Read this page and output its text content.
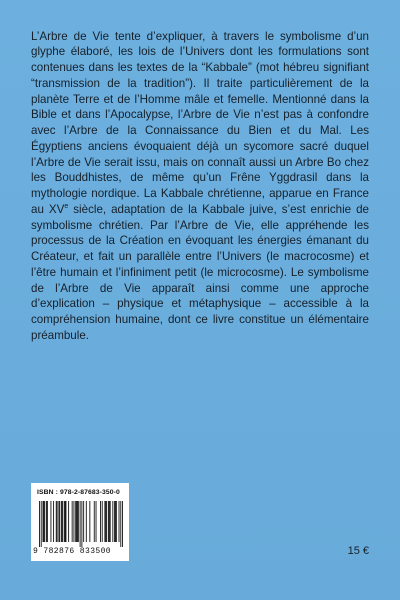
L’Arbre de Vie tente d’expliquer, à travers le symbolisme d’un glyphe élaboré, les lois de l’Univers dont les formulations sont contenues dans les textes de la “Kabbale” (mot hébreu signifiant “transmission de la tradition”). Il traite particulièrement de la planète Terre et de l’Homme mâle et femelle. Mentionné dans la Bible et dans l’Apocalypse, l’Arbre de Vie n’est pas à confondre avec l’Arbre de la Connaissance du Bien et du Mal. Les Égyptiens anciens évoquaient déjà un sycomore sacré duquel l’Arbre de Vie serait issu, mais on connaît aussi un Arbre Bo chez les Bouddhistes, de même qu’un Frêne Yggdrasil dans la mythologie nordique. La Kabbale chrétienne, apparue en France au XVe siècle, adaptation de la Kabbale juive, s’est enrichie de symbolisme chrétien. Par l’Arbre de Vie, elle appréhende les processus de la Création en évoquant les énergies émanant du Créateur, et fait un parallèle entre l’Univers (le macrocosme) et l’être humain et l’infiniment petit (le microcosme). Le symbolisme de l’Arbre de Vie apparaît ainsi comme une approche d’explication – physique et métaphysique – accessible à la compréhension humaine, dont ce livre constitue un élémentaire préambule.

ISBN : 978-2-87683-350-0
9 782876 833500	15 €
